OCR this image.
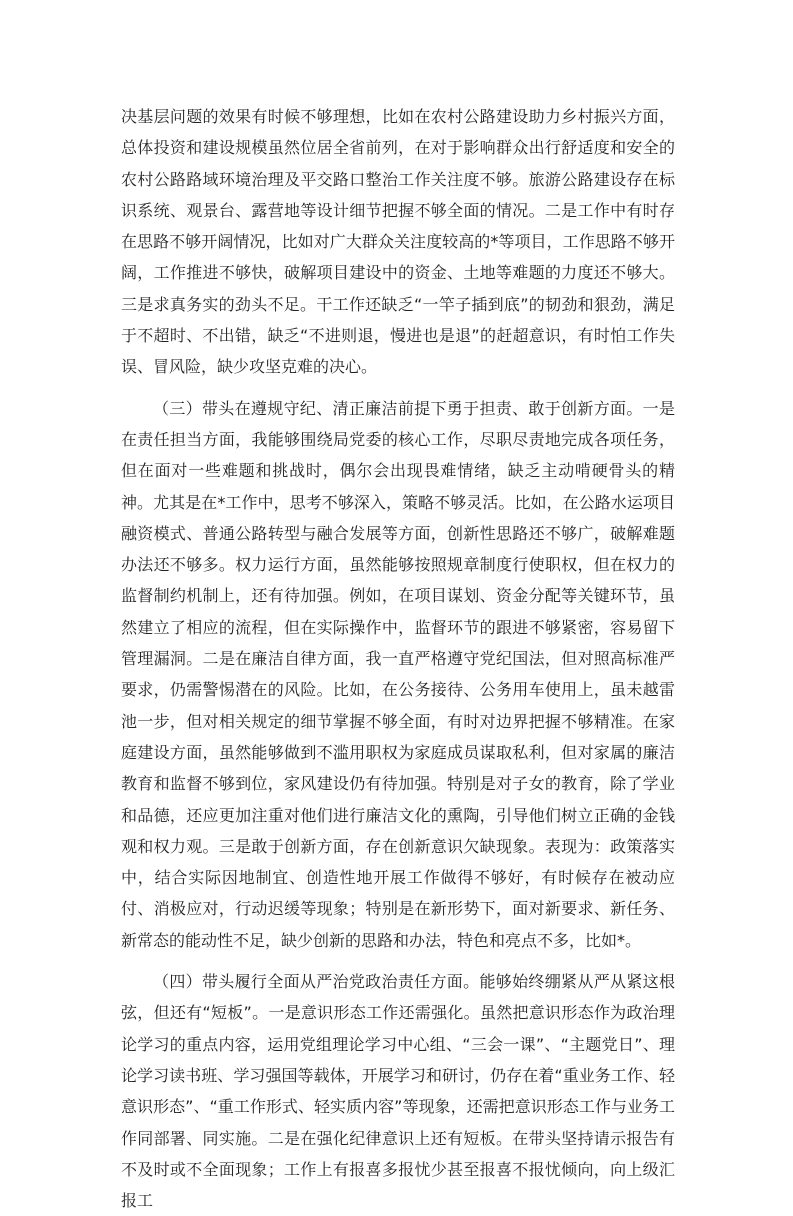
决基层问题的效果有时候不够理想，比如在农村公路建设助力乡村振兴方面，总体投资和建设规模虽然位居全省前列，在对于影响群众出行舒适度和安全的农村公路路域环境治理及平交路口整治工作关注度不够。旅游公路建设存在标识系统、观景台、露营地等设计细节把握不够全面的情况。二是工作中有时存在思路不够开阔情况，比如对广大群众关注度较高的*等项目，工作思路不够开阔，工作推进不够快，破解项目建设中的资金、土地等难题的力度还不够大。三是求真务实的劲头不足。干工作还缺乏“一竿子插到底”的韧劲和狠劲，满足于不超时、不出错，缺乏“不进则退，慢进也是退”的赶超意识，有时怕工作失误、冒风险，缺少攻坚克难的决心。

（三）带头在遵规守纪、清正廉洁前提下勇于担责、敢于创新方面。一是在责任担当方面，我能够围绕局党委的核心工作，尽职尽责地完成各项任务，但在面对一些难题和挑战时，偶尔会出现畏难情绪，缺乏主动啃硬骨头的精神。尤其是在*工作中，思考不够深入，策略不够灵活。比如，在公路水运项目融资模式、普通公路转型与融合发展等方面，创新性思路还不够广，破解难题办法还不够多。权力运行方面，虽然能够按照规章制度行使职权，但在权力的监督制约机制上，还有待加强。例如，在项目谋划、资金分配等关键环节，虽然建立了相应的流程，但在实际操作中，监督环节的跟进不够紧密，容易留下管理漏洞。二是在廉洁自律方面，我一直严格遵守党纪国法，但对照高标准严要求，仍需警惕潜在的风险。比如，在公务接待、公务用车使用上，虽未越雷池一步，但对相关规定的细节掌握不够全面，有时对边界把握不够精准。在家庭建设方面，虽然能够做到不滥用职权为家庭成员谋取私利，但对家属的廉洁教育和监督不够到位，家风建设仍有待加强。特别是对子女的教育，除了学业和品德，还应更加注重对他们进行廉洁文化的熏陶，引导他们树立正确的金钱观和权力观。三是敢于创新方面，存在创新意识欠缺现象。表现为：政策落实中，结合实际因地制宜、创造性地开展工作做得不够好，有时候存在被动应付、消极应对，行动迟缓等现象；特别是在新形势下，面对新要求、新任务、新常态的能动性不足，缺少创新的思路和办法，特色和亮点不多，比如*。

（四）带头履行全面从严治党政治责任方面。能够始终绷紧从严从紧这根弦，但还有“短板”。一是意识形态工作还需强化。虽然把意识形态作为政治理论学习的重点内容，运用党组理论学习中心组、“三会一课”、“主题党日”、理论学习读书班、学习强国等载体，开展学习和研讨，仍存在着“重业务工作、轻意识形态”、“重工作形式、轻实质内容”等现象，还需把意识形态工作与业务工作同部署、同实施。二是在强化纪律意识上还有短板。在带头坚持请示报告有不及时或不全面现象；工作上有报喜多报忧少甚至报喜不报忧倾向，向上级汇报工
